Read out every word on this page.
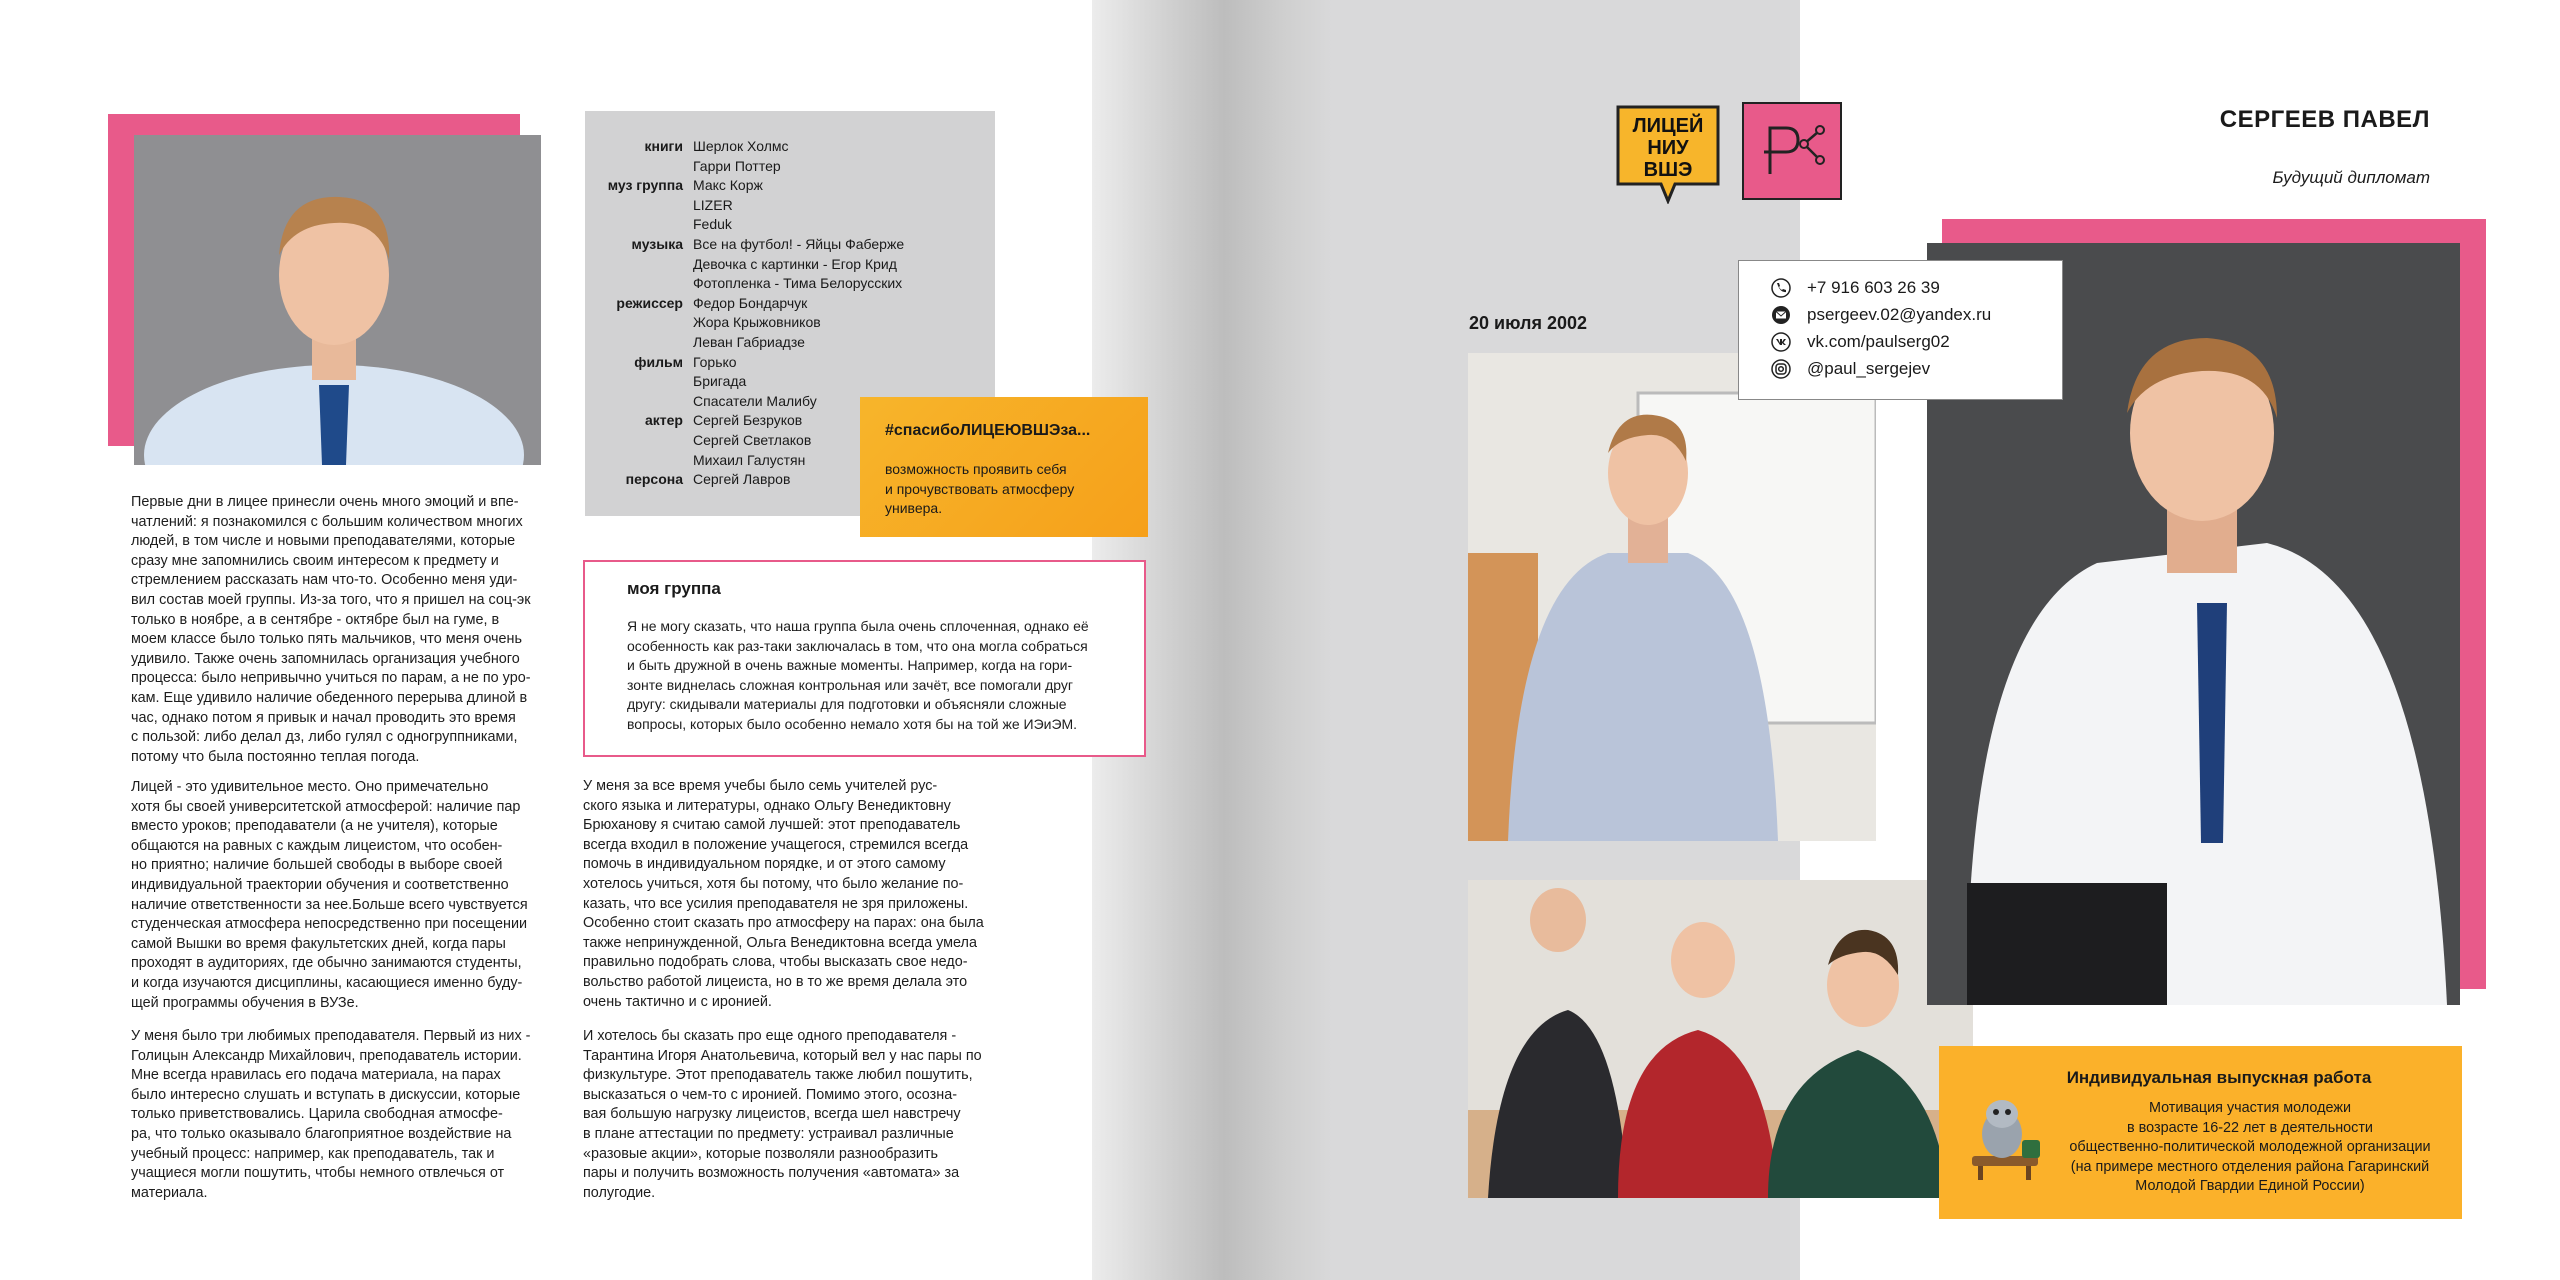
Первые дни в лицее принесли очень много эмоций и впе-
чатлений: я познакомился с большим количеством многих
людей, в том числе и новыми преподавателями, которые
сразу мне запомнились своим интересом к предмету и
стремлением рассказать нам что-то. Особенно меня уди-
вил состав моей группы. Из-за того, что я пришел на соц-эк
только в ноябре, а в сентябре - октябре был на гуме, в
моем классе было только пять мальчиков, что меня очень
удивило. Также очень запомнилась организация учебного
процесса: было непривычно учиться по парам, а не по уро-
кам. Еще удивило наличие обеденного перерыва длиной в
час, однако потом я привык и начал проводить это время
с пользой: либо делал дз, либо гулял с одногруппниками,
потому что была постоянно теплая погода.
Лицей - это удивительное место. Оно примечательно
хотя бы своей университетской атмосферой: наличие пар
вместо уроков; преподаватели (а не учителя), которые
общаются на равных с каждым лицеистом, что особен-
но приятно; наличие большей свободы в выборе своей
индивидуальной траектории обучения и соответственно
наличие ответственности за нее.Больше всего чувствуется
студенческая атмосфера непосредственно при посещении
самой Вышки во время факультетских дней, когда пары
проходят в аудиториях, где обычно занимаются студенты,
и когда изучаются дисциплины, касающиеся именно буду-
щей программы обучения в ВУЗе.
У меня было три любимых преподавателя. Первый из них -
Голицын Александр Михайлович, преподаватель истории.
Мне всегда нравилась его подача материала, на парах
было интересно слушать и вступать в дискуссии, которые
только приветствовались. Царила свободная атмосфе-
ра, что только оказывало благоприятное воздействие на
учебный процесс: например, как преподаватель, так и
учащиеся могли пошутить, чтобы немного отвлечься от
материала.
книги Шерлок Холмс
Гарри Поттер
муз группа Макс Корж
LIZER
Feduk
музыка Все на футбол! - Яйцы Фаберже
Девочка с картинки - Егор Крид
Фотопленка - Тима Белорусских
режиссер Федор Бондарчук
Жора Крыжовников
Леван Габриадзе
фильм Горько
Бригада
Спасатели Малибу
актер Сергей Безруков
Сергей Светлаков
Михаил Галустян
персона Сергей Лавров
#спасибоЛИЦЕЮВШЭза...
возможность проявить себя
и прочувствовать атмосферу
универа.
моя группа
Я не могу сказать, что наша группа была очень сплоченная, однако её
особенность как раз-таки заключалась в том, что она могла собраться
и быть дружной в очень важные моменты. Например, когда на гори-
зонте виднелась сложная контрольная или зачёт, все помогали друг
другу: скидывали материалы для подготовки и объясняли сложные
вопросы, которых было особенно немало хотя бы на той же ИЭиЭМ.
У меня за все время учебы было семь учителей рус-
ского языка и литературы, однако Ольгу Венедиктовну
Брюханову я считаю самой лучшей: этот преподаватель
всегда входил в положение учащегося, стремился всегда
помочь в индивидуальном порядке, и от этого самому
хотелось учиться, хотя бы потому, что было желание по-
казать, что все усилия преподавателя не зря приложены.
Особенно стоит сказать про атмосферу на парах: она была
также непринужденной, Ольга Венедиктовна всегда умела
правильно подобрать слова, чтобы высказать свое недо-
вольство работой лицеиста, но в то же время делала это
очень тактично и с иронией.
И хотелось бы сказать про еще одного преподавателя -
Тарантина Игоря Анатольевича, который вел у нас пары по
физкультуре. Этот преподаватель также любил пошутить,
высказаться о чем-то с иронией. Помимо этого, осозна-
вая большую нагрузку лицеистов, всегда шел навстречу
в плане аттестации по предмету: устраивал различные
«разовые акции», которые позволяли разнообразить
пары и получить возможность получения «автомата» за
полугодие.
ЛИЦЕЙ
НИУ
ВШЭ
СЕРГЕЕВ ПАВЕЛ
Будущий дипломат
20 июля 2002
+7 916 603 26 39
psergeev.02@yandex.ru
vk.com/paulserg02
@paul_sergejev
Индивидуальная выпускная работа
Мотивация участия молодежи
в возрасте 16-22 лет в деятельности
общественно-политической молодежной организации
(на примере местного отделения района Гагаринский
Молодой Гвардии Единой России)
